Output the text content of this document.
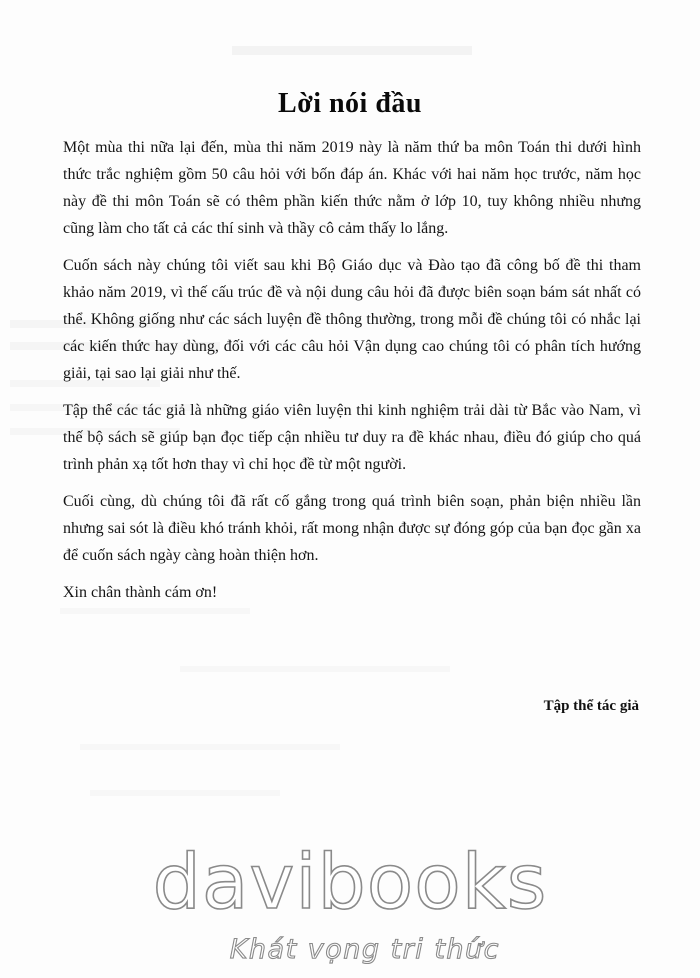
Lời nói đầu

Một mùa thi nữa lại đến, mùa thi năm 2019 này là năm thứ ba môn Toán thi dưới hình thức trắc nghiệm gồm 50 câu hỏi với bốn đáp án. Khác với hai năm học trước, năm học này đề thi môn Toán sẽ có thêm phần kiến thức nằm ở lớp 10, tuy không nhiều nhưng cũng làm cho tất cả các thí sinh và thầy cô cảm thấy lo lắng.

Cuốn sách này chúng tôi viết sau khi Bộ Giáo dục và Đào tạo đã công bố đề thi tham khảo năm 2019, vì thế cấu trúc đề và nội dung câu hỏi đã được biên soạn bám sát nhất có thể. Không giống như các sách luyện đề thông thường, trong mỗi đề chúng tôi có nhắc lại các kiến thức hay dùng, đối với các câu hỏi Vận dụng cao chúng tôi có phân tích hướng giải, tại sao lại giải như thế.

Tập thể các tác giả là những giáo viên luyện thi kinh nghiệm trải dài từ Bắc vào Nam, vì thế bộ sách sẽ giúp bạn đọc tiếp cận nhiều tư duy ra đề khác nhau, điều đó giúp cho quá trình phản xạ tốt hơn thay vì chỉ học đề từ một người.

Cuối cùng, dù chúng tôi đã rất cố gắng trong quá trình biên soạn, phản biện nhiều lần nhưng sai sót là điều khó tránh khỏi, rất mong nhận được sự đóng góp của bạn đọc gần xa để cuốn sách ngày càng hoàn thiện hơn.

Xin chân thành cám ơn!

Tập thể tác giả
davibooks
Khát vọng tri thức
